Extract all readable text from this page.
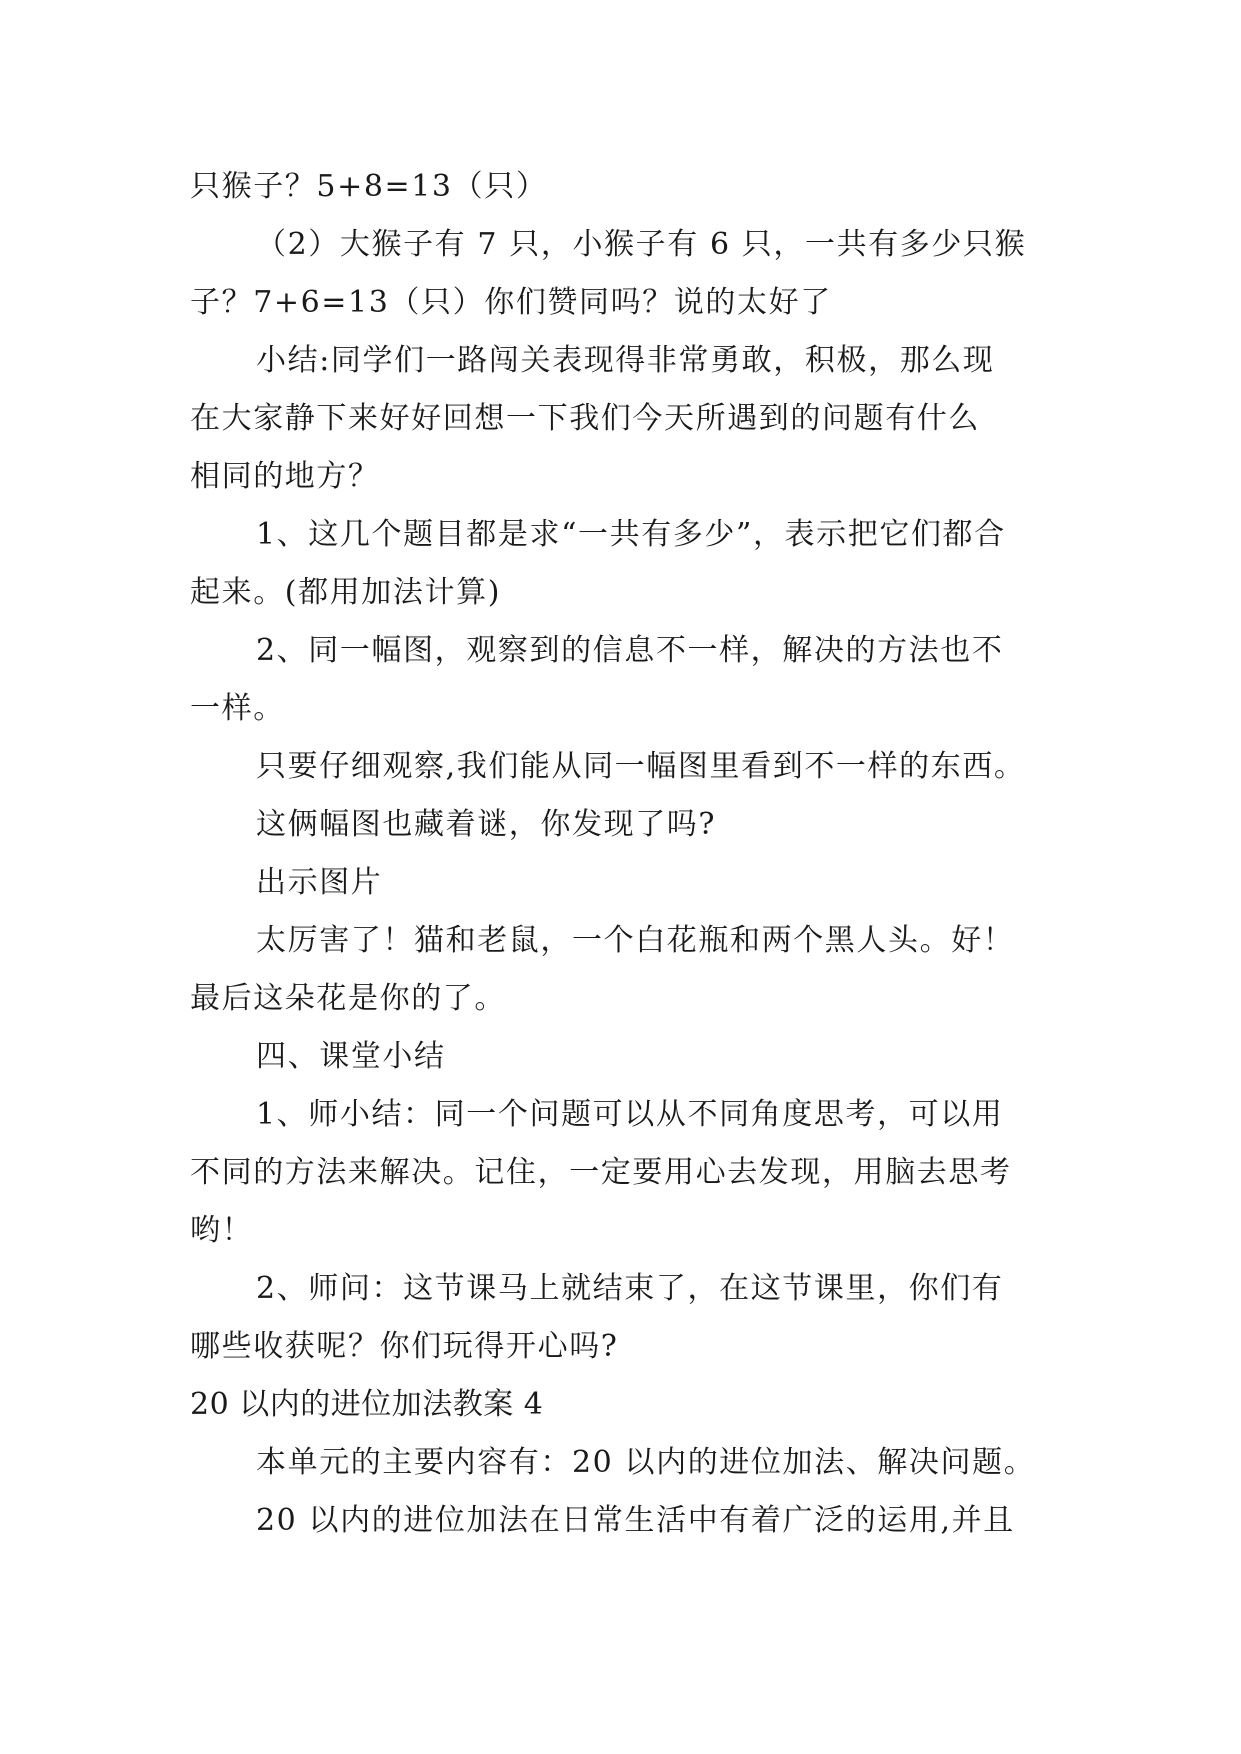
只猴子？5+8=13（只）
（2）大猴子有 7 只，小猴子有 6 只，一共有多少只猴
子？7+6=13（只）你们赞同吗？说的太好了
小结:同学们一路闯关表现得非常勇敢，积极，那么现
在大家静下来好好回想一下我们今天所遇到的问题有什么
相同的地方？
1、这几个题目都是求“一共有多少”，表示把它们都合
起来。(都用加法计算)
2、同一幅图，观察到的信息不一样，解决的方法也不
一样。
只要仔细观察,我们能从同一幅图里看到不一样的东西。
这俩幅图也藏着谜，你发现了吗?
出示图片
太厉害了！猫和老鼠，一个白花瓶和两个黑人头。好！
最后这朵花是你的了。
四、课堂小结
1、师小结：同一个问题可以从不同角度思考，可以用
不同的方法来解决。记住，一定要用心去发现，用脑去思考
哟！
2、师问：这节课马上就结束了，在这节课里，你们有
哪些收获呢？你们玩得开心吗?
20 以内的进位加法教案 4
本单元的主要内容有：20 以内的进位加法、解决问题。
20 以内的进位加法在日常生活中有着广泛的运用,并且
